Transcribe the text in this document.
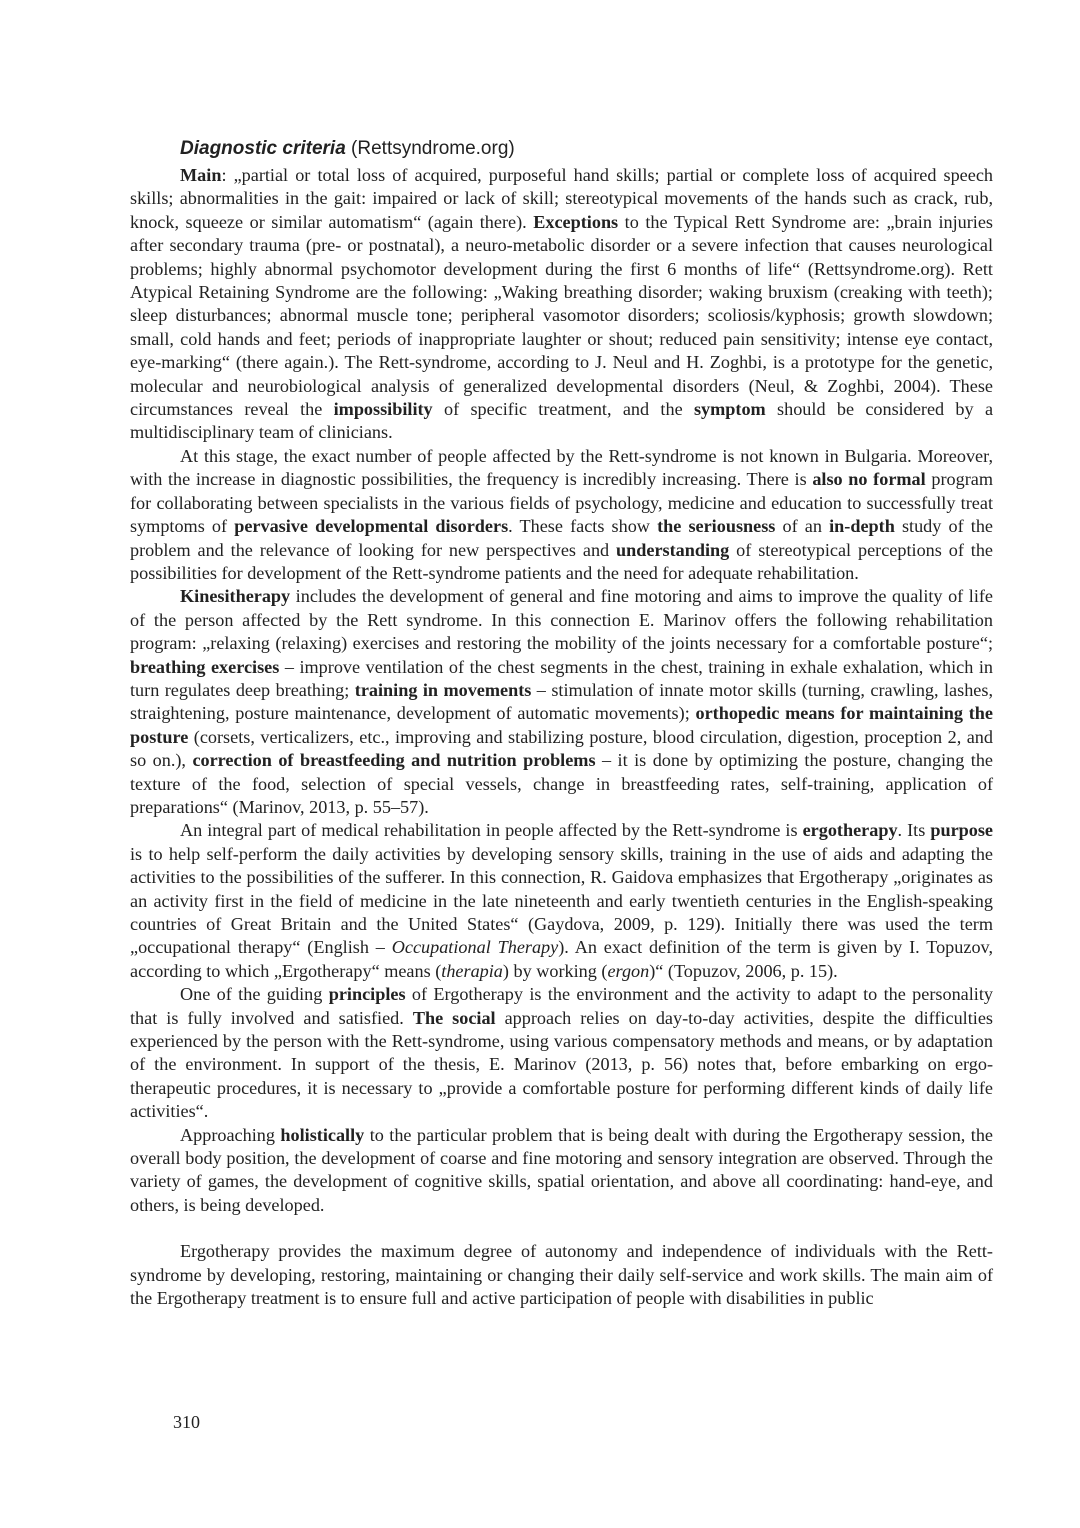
Diagnostic criteria (Rettsyndrome.org)

Main: „partial or total loss of acquired, purposeful hand skills; partial or complete loss of acquired speech skills; abnormalities in the gait: impaired or lack of skill; stereotypical movements of the hands such as crack, rub, knock, squeeze or similar automatism“ (again there). Exceptions to the Typical Rett Syndrome are: „brain injuries after secondary trauma (pre- or postnatal), a neuro-metabolic disorder or a severe infection that causes neurological problems; highly abnormal psychomotor development during the first 6 months of life“ (Rettsyndrome.org). Rett Atypical Retaining Syndrome are the following: „Waking breathing disorder; waking bruxism (creaking with teeth); sleep disturbances; abnormal muscle tone; peripheral vasomotor disorders; scoliosis/kyphosis; growth slowdown; small, cold hands and feet; periods of inappropriate laughter or shout; reduced pain sensitivity; intense eye contact, eye-marking“ (there again.). The Rett-syndrome, according to J. Neul and H. Zoghbi, is a prototype for the genetic, molecular and neurobiological analysis of generalized developmental disorders (Neul, & Zoghbi, 2004). These circumstances reveal the impossibility of specific treatment, and the symptom should be considered by a multidisciplinary team of clinicians.

At this stage, the exact number of people affected by the Rett-syndrome is not known in Bulgaria. Moreover, with the increase in diagnostic possibilities, the frequency is incredibly increasing. There is also no formal program for collaborating between specialists in the various fields of psychology, medicine and education to successfully treat symptoms of pervasive developmental disorders. These facts show the seriousness of an in-depth study of the problem and the relevance of looking for new perspectives and understanding of stereotypical perceptions of the possibilities for development of the Rett-syndrome patients and the need for adequate rehabilitation.

Kinesitherapy includes the development of general and fine motoring and aims to improve the quality of life of the person affected by the Rett syndrome. In this connection E. Marinov offers the following rehabilitation program: „relaxing (relaxing) exercises and restoring the mobility of the joints necessary for a comfortable posture“; breathing exercises – improve ventilation of the chest segments in the chest, training in exhale exhalation, which in turn regulates deep breathing; training in movements – stimulation of innate motor skills (turning, crawling, lashes, straightening, posture maintenance, development of automatic movements); orthopedic means for maintaining the posture (corsets, verticalizers, etc., improving and stabilizing posture, blood circulation, digestion, proception 2, and so on.), correction of breastfeeding and nutrition problems – it is done by optimizing the posture, changing the texture of the food, selection of special vessels, change in breastfeeding rates, self-training, application of preparations“ (Marinov, 2013, p. 55–57).

An integral part of medical rehabilitation in people affected by the Rett-syndrome is ergotherapy. Its purpose is to help self-perform the daily activities by developing sensory skills, training in the use of aids and adapting the activities to the possibilities of the sufferer. In this connection, R. Gaidova emphasizes that Ergotherapy „originates as an activity first in the field of medicine in the late nineteenth and early twentieth centuries in the English-speaking countries of Great Britain and the United States“ (Gaydova, 2009, p. 129). Initially there was used the term „occupational therapy“ (English – Occupational Therapy). An exact definition of the term is given by I. Topuzov, according to which „Ergotherapy“ means (therapia) by working (ergon)“ (Topuzov, 2006, p. 15).

One of the guiding principles of Ergotherapy is the environment and the activity to adapt to the personality that is fully involved and satisfied. The social approach relies on day-to-day activities, despite the difficulties experienced by the person with the Rett-syndrome, using various compensatory methods and means, or by adaptation of the environment. In support of the thesis, E. Marinov (2013, p. 56) notes that, before embarking on ergo-therapeutic procedures, it is necessary to „provide a comfortable posture for performing different kinds of daily life activities“.

Approaching holistically to the particular problem that is being dealt with during the Ergotherapy session, the overall body position, the development of coarse and fine motoring and sensory integration are observed. Through the variety of games, the development of cognitive skills, spatial orientation, and above all coordinating: hand-eye, and others, is being developed.

Ergotherapy provides the maximum degree of autonomy and independence of individuals with the Rett-syndrome by developing, restoring, maintaining or changing their daily self-service and work skills. The main aim of the Ergotherapy treatment is to ensure full and active participation of people with disabilities in public

310
